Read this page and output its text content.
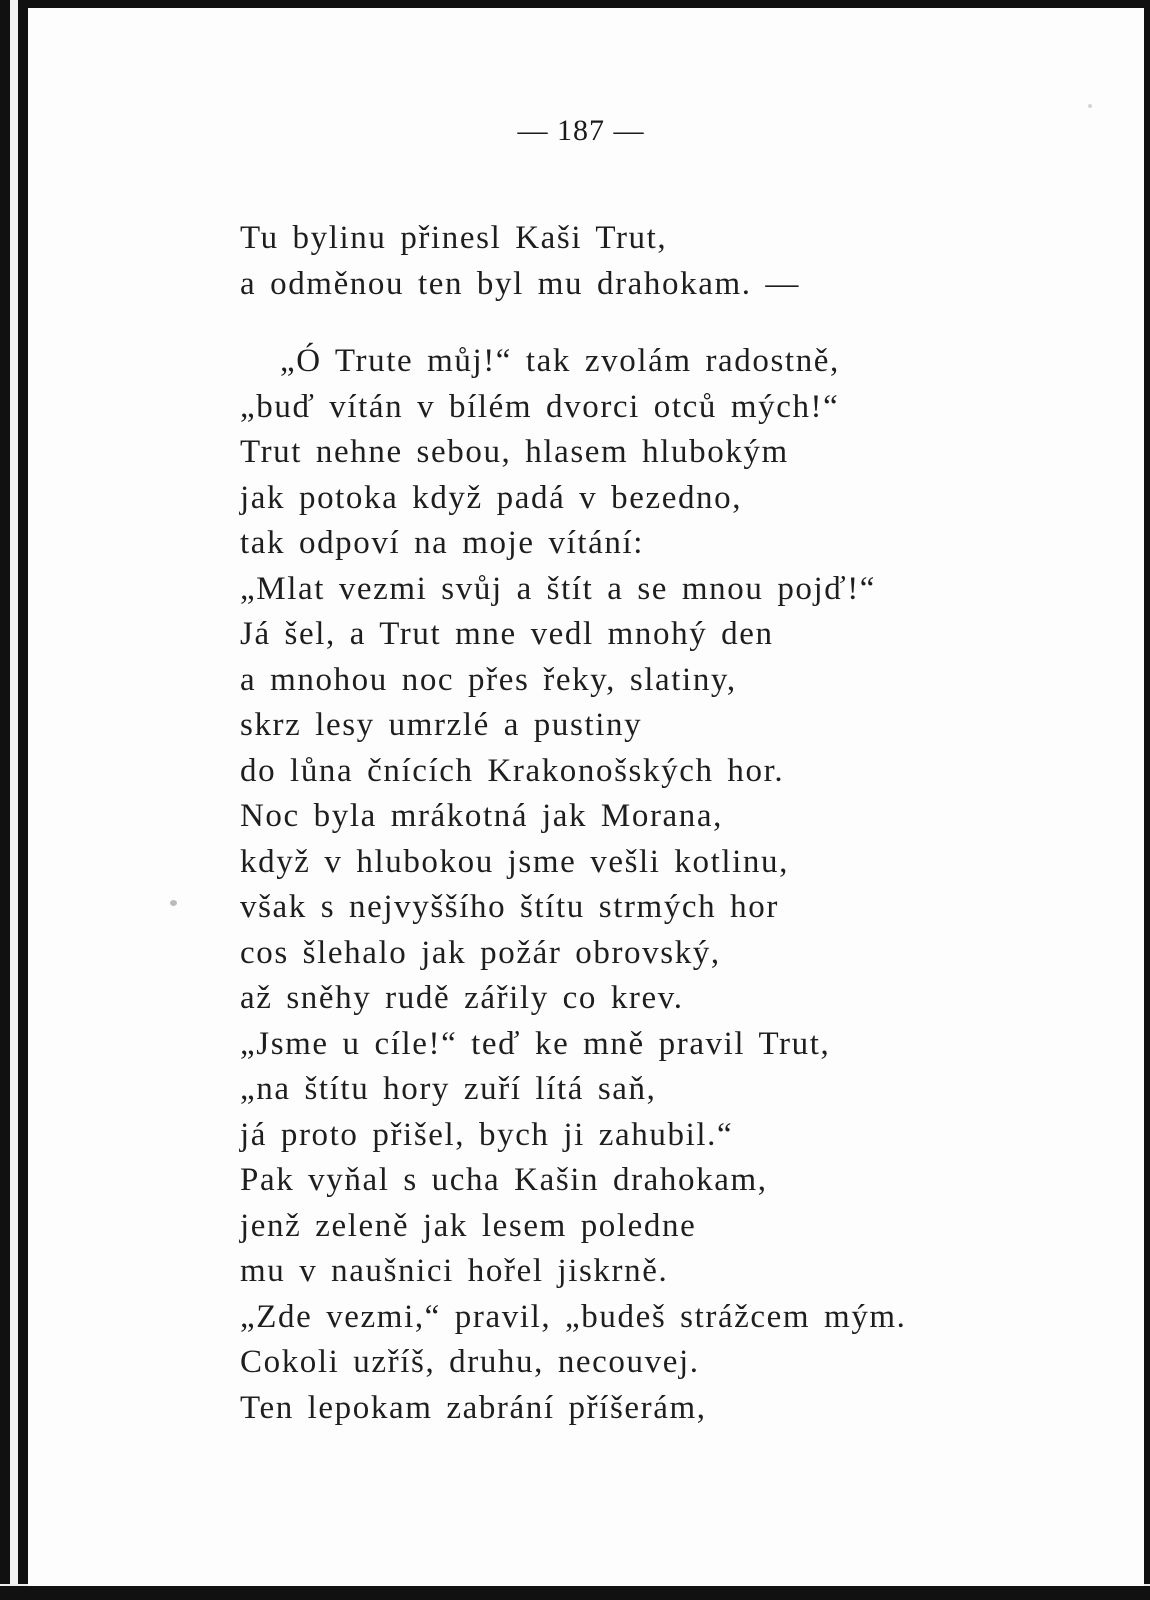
— 187 —
Tu bylinu přinesl Kaši Trut,
a odměnou ten byl mu drahokam. —
„Ó Trute můj!“ tak zvolám radostně,
„buď vítán v bílém dvorci otců mých!“
Trut nehne sebou, hlasem hlubokým
jak potoka když padá v bezedno,
tak odpoví na moje vítání:
„Mlat vezmi svůj a štít a se mnou pojď!“
Já šel, a Trut mne vedl mnohý den
a mnohou noc přes řeky, slatiny,
skrz lesy umrzlé a pustiny
do lůna čnících Krakonošských hor.
Noc byla mrákotná jak Morana,
když v hlubokou jsme vešli kotlinu,
však s nejvyššího štítu strmých hor
cos šlehalo jak požár obrovský,
až sněhy rudě zářily co krev.
„Jsme u cíle!“ teď ke mně pravil Trut,
„na štítu hory zuří lítá saň,
já proto přišel, bych ji zahubil.“
Pak vyňal s ucha Kašin drahokam,
jenž zeleně jak lesem poledne
mu v naušnici hořel jiskrně.
„Zde vezmi,“ pravil, „budeš strážcem mým.
Cokoli uzříš, druhu, necouvej.
Ten lepokam zabrání příšerám,
